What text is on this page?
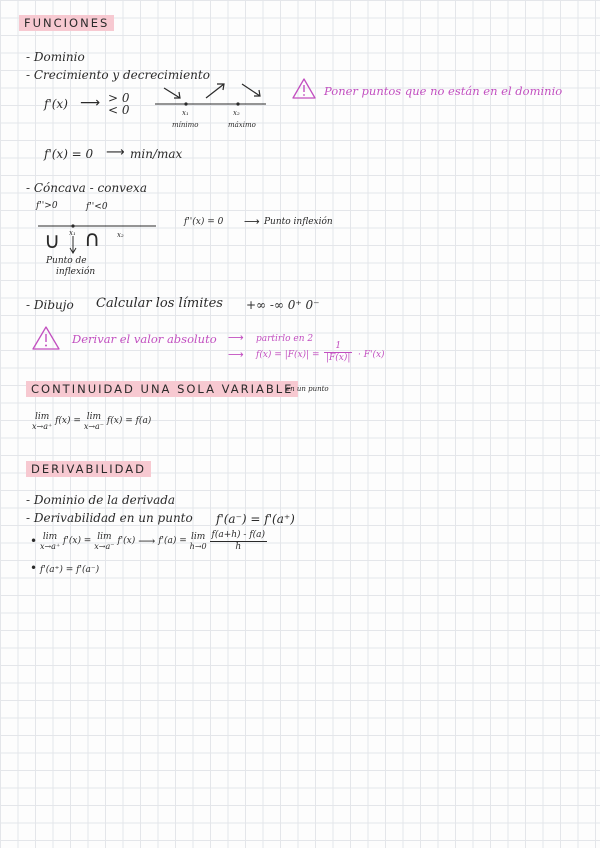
FUNCIONES
- Dominio
- Crecimiento y decrecimiento
f'(x) ⟶ > 0
< 0	x₁	x₂
mínimo	máximo
Poner puntos que no están en el dominio
f'(x) = 0 ⟶ min/max
- Cóncava - convexa
f''>0	f''<0
x₁	x₂
∪ ∩
Punto de
inflexión
f''(x) = 0 ⟶ Punto inflexión
- Dibujo Calcular los límites +∞ -∞ 0⁺ 0⁻
Derivar el valor absoluto ⟶ partirlo en 2
⟶ $f(x) = |F(x)| = \frac{1}{|F(x)|} \cdot F'(x)$
CONTINUIDAD UNA SOLA VARIABLE
en un punto
lim
x→a⁺
f(x) = lim
x→a⁻
f(x) = f(a)
DERIVABILIDAD
- Dominio de la derivada
- Derivabilidad en un punto f'(a⁻) = f'(a⁺)
• lim
x→a⁺
f'(x) = lim
x→a⁻
f'(x) ⟶ f'(a) = lim
h→0
$\frac{f(a+h) - f(a)}{h}$
• f'(a⁺) = f'(a⁻)
